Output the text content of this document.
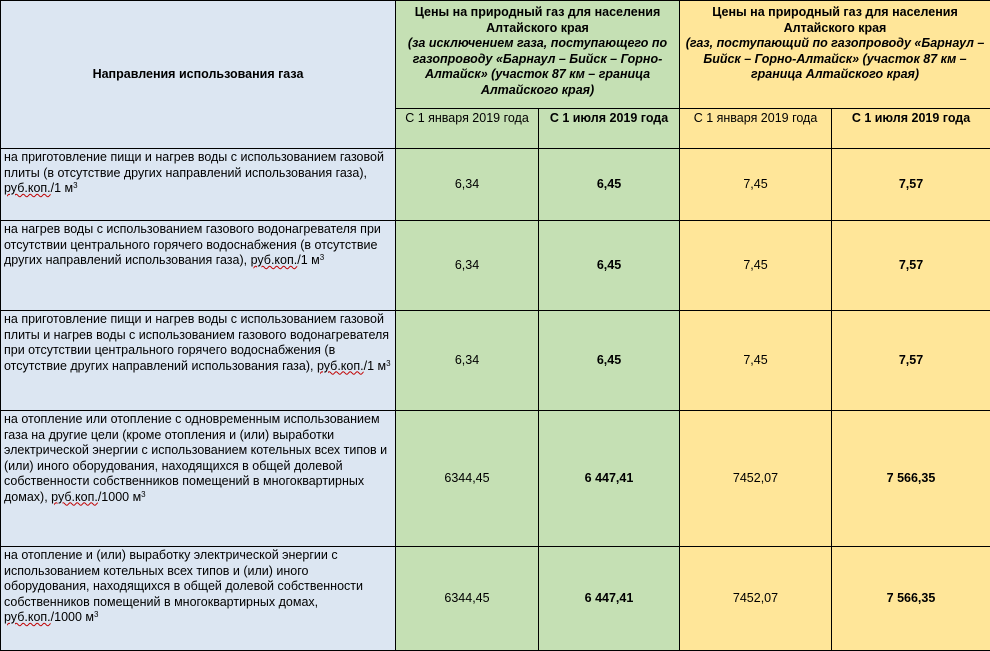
Направления использования газа	Цены на природный газ для населения Алтайского края
(за исключением газа, поступающего по газопроводу «Барнаул – Бийск – Горно-Алтайск» (участок 87 км – граница Алтайского края)		Цены на природный газ для населения Алтайского края
(газ, поступающий по газопроводу «Барнаул – Бийск – Горно-Алтайск» (участок 87 км – граница Алтайского края)	

	С 1 января 2019 года	С 1 июля 2019 года	С 1 января 2019 года	С 1 июля 2019 года
на приготовление пищи и нагрев воды с использованием газовой плиты (в отсутствие других направлений использования газа), руб.коп./1 $м^3$	6,34	6,45	7,45	7,57
на нагрев воды с использованием газового водонагревателя при отсутствии центрального горячего водоснабжения (в отсутствие других направлений использования газа), руб.коп./1 $м^3$	6,34	6,45	7,45	7,57
на приготовление пищи и нагрев воды с использованием газовой плиты и нагрев воды с использованием газового водонагревателя при отсутствии центрального горячего водоснабжения (в отсутствие других направлений использования газа), руб.коп./1 $м^3$	6,34	6,45	7,45	7,57
на отопление или отопление с одновременным использованием газа на другие цели (кроме отопления и (или) выработки электрической энергии с использованием котельных всех типов и (или) иного оборудования, находящихся в общей долевой собственности собственников помещений в многоквартирных домах), руб.коп./1000 $м^3$	6344,45	6 447,41	7452,07	7 566,35
на отопление и (или) выработку электрической энергии с использованием котельных всех типов и (или) иного оборудования, находящихся в общей долевой собственности собственников помещений в многоквартирных домах, руб.коп./1000 $м^3$	6344,45	6 447,41	7452,07	7 566,35
